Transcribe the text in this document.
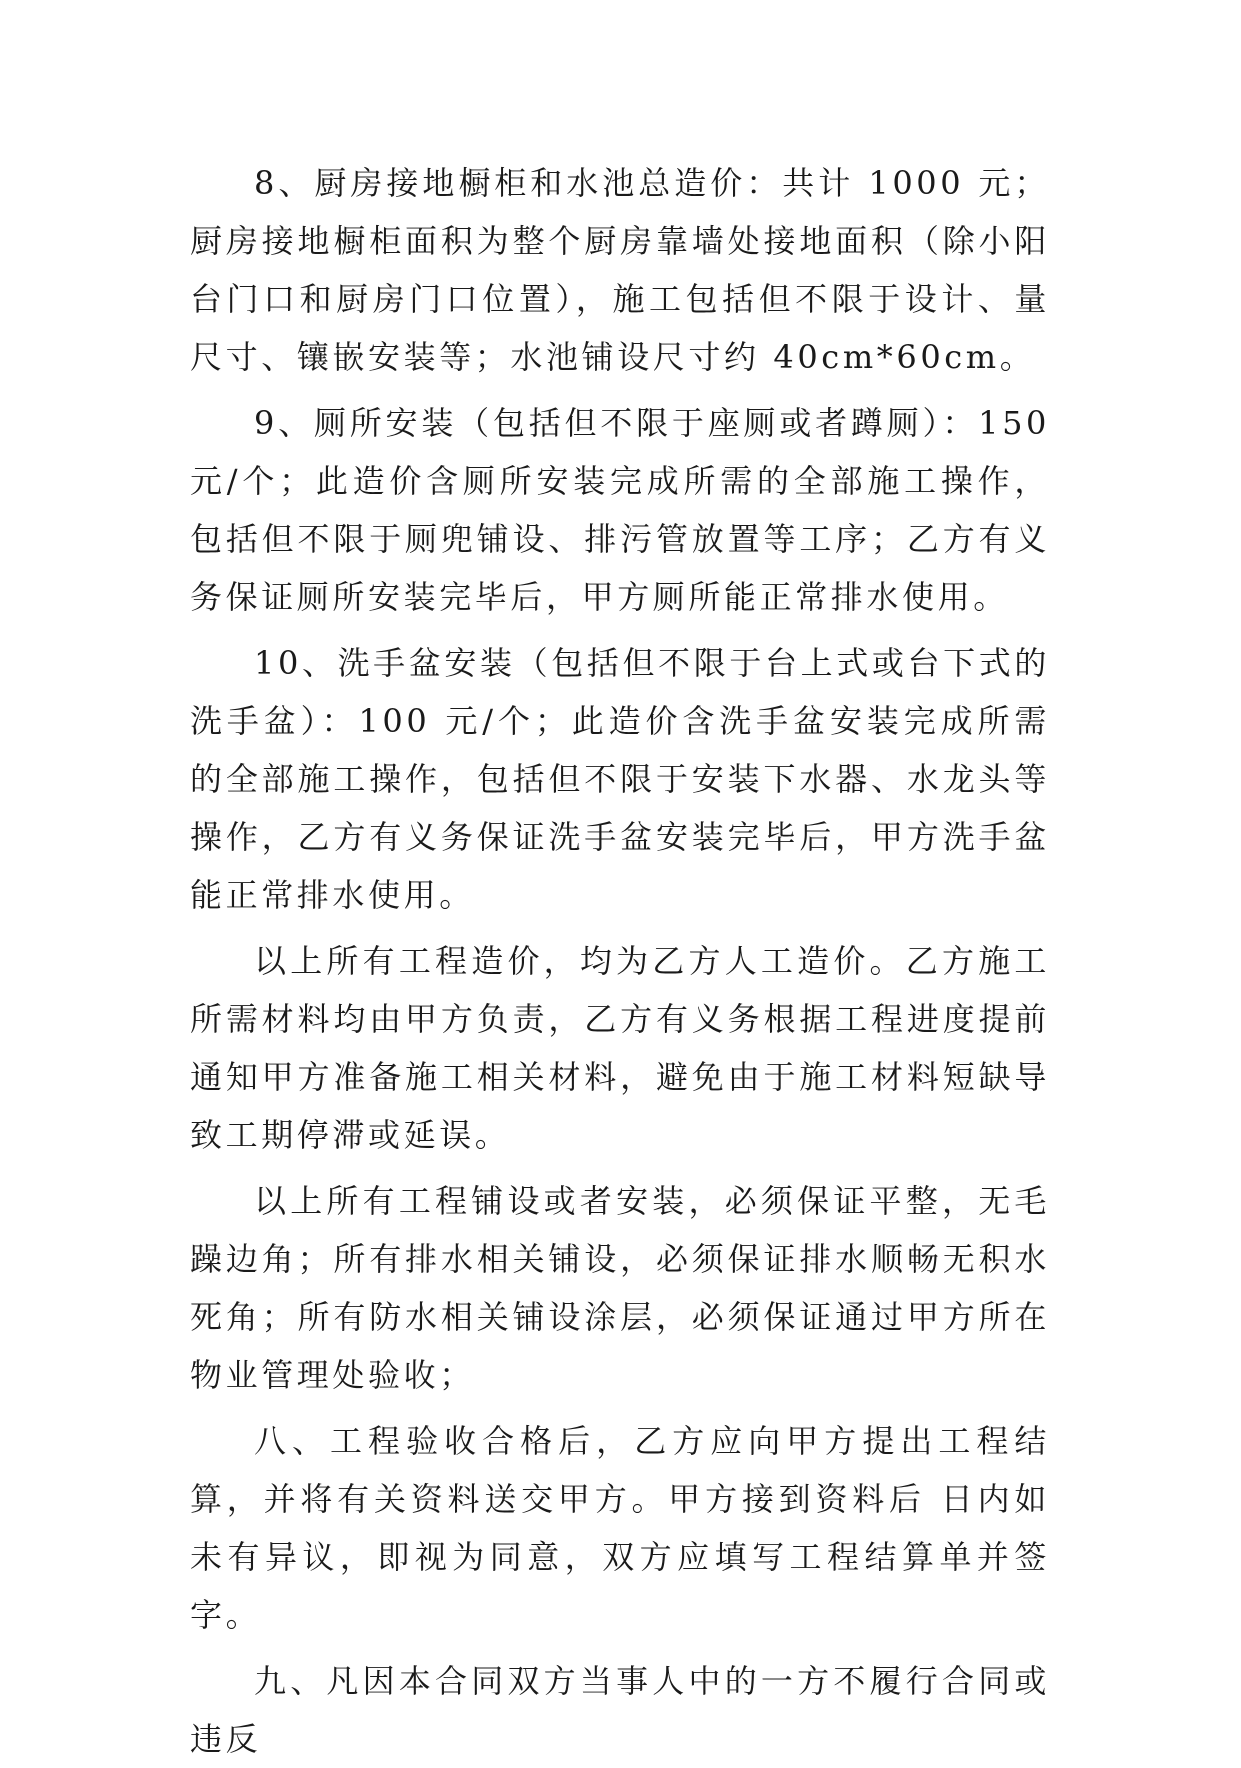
8、厨房接地橱柜和水池总造价：共计 1000 元；厨房接地橱柜面积为整个厨房靠墙处接地面积（除小阳台门口和厨房门口位置），施工包括但不限于设计、量尺寸、镶嵌安装等；水池铺设尺寸约 40cm*60cm。

9、厕所安装（包括但不限于座厕或者蹲厕）：150 元/个；此造价含厕所安装完成所需的全部施工操作，包括但不限于厕兜铺设、排污管放置等工序；乙方有义务保证厕所安装完毕后，甲方厕所能正常排水使用。

10、洗手盆安装（包括但不限于台上式或台下式的洗手盆）：100 元/个；此造价含洗手盆安装完成所需的全部施工操作，包括但不限于安装下水器、水龙头等操作，乙方有义务保证洗手盆安装完毕后，甲方洗手盆能正常排水使用。

以上所有工程造价，均为乙方人工造价。乙方施工所需材料均由甲方负责，乙方有义务根据工程进度提前通知甲方准备施工相关材料，避免由于施工材料短缺导致工期停滞或延误。

以上所有工程铺设或者安装，必须保证平整，无毛躁边角；所有排水相关铺设，必须保证排水顺畅无积水死角；所有防水相关铺设涂层，必须保证通过甲方所在物业管理处验收；

八、工程验收合格后，乙方应向甲方提出工程结算，并将有关资料送交甲方。甲方接到资料后 日内如未有异议，即视为同意，双方应填写工程结算单并签字。

九、凡因本合同双方当事人中的一方不履行合同或违反
